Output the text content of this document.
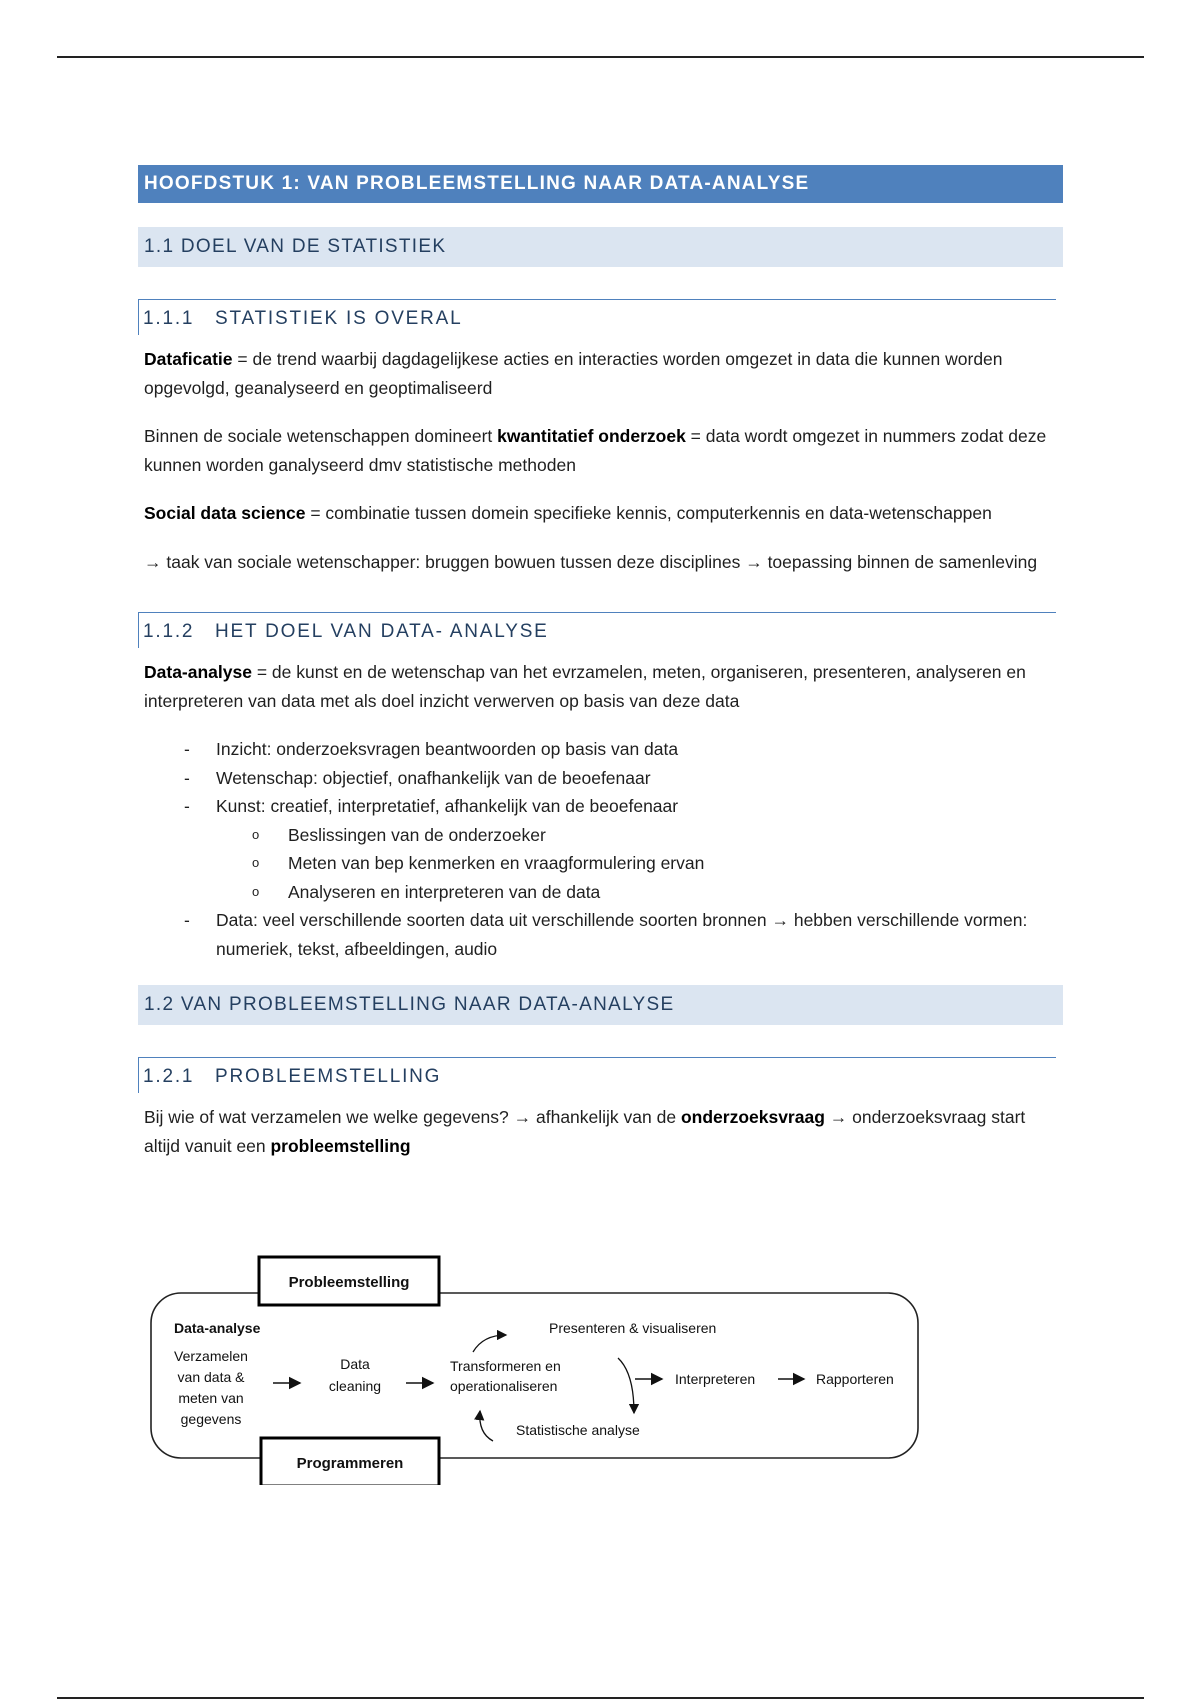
HOOFDSTUK 1: VAN PROBLEEMSTELLING NAAR DATA-ANALYSE
1.1 DOEL VAN DE STATISTIEK
1.1.1 STATISTIEK IS OVERAL

Dataficatie = de trend waarbij dagdagelijkese acties en interacties worden omgezet in data die kunnen worden opgevolgd, geanalyseerd en geoptimaliseerd

Binnen de sociale wetenschappen domineert kwantitatief onderzoek = data wordt omgezet in nummers zodat deze kunnen worden ganalyseerd dmv statistische methoden

Social data science = combinatie tussen domein specifieke kennis, computerkennis en data-wetenschappen

→ taak van sociale wetenschapper: bruggen bowuen tussen deze disciplines → toepassing binnen de samenleving

1.1.2 HET DOEL VAN DATA- ANALYSE

Data-analyse = de kunst en de wetenschap van het evrzamelen, meten, organiseren, presenteren, analyseren en interpreteren van data met als doel inzicht verwerven op basis van deze data

- Inzicht: onderzoeksvragen beantwoorden op basis van data
- Wetenschap: objectief, onafhankelijk van de beoefenaar
- Kunst: creatief, interpretatief, afhankelijk van de beoefenaar
o Beslissingen van de onderzoeker
o Meten van bep kenmerken en vraagformulering ervan
o Analyseren en interpreteren van de data
- Data: veel verschillende soorten data uit verschillende soorten bronnen → hebben verschillende vormen: numeriek, tekst, afbeeldingen, audio
1.2 VAN PROBLEEMSTELLING NAAR DATA-ANALYSE
1.2.1 PROBLEEMSTELLING

Bij wie of wat verzamelen we welke gegevens? → afhankelijk van de onderzoeksvraag → onderzoeksvraag start altijd vanuit een probleemstelling

Probleemstelling
Programmeren
Data-analyse
Verzamelen
van data &
meten van
gegevens
Data
cleaning
Transformeren en
operationaliseren
Presenteren & visualiseren
Statistische analyse
Interpreteren	Rapporteren
